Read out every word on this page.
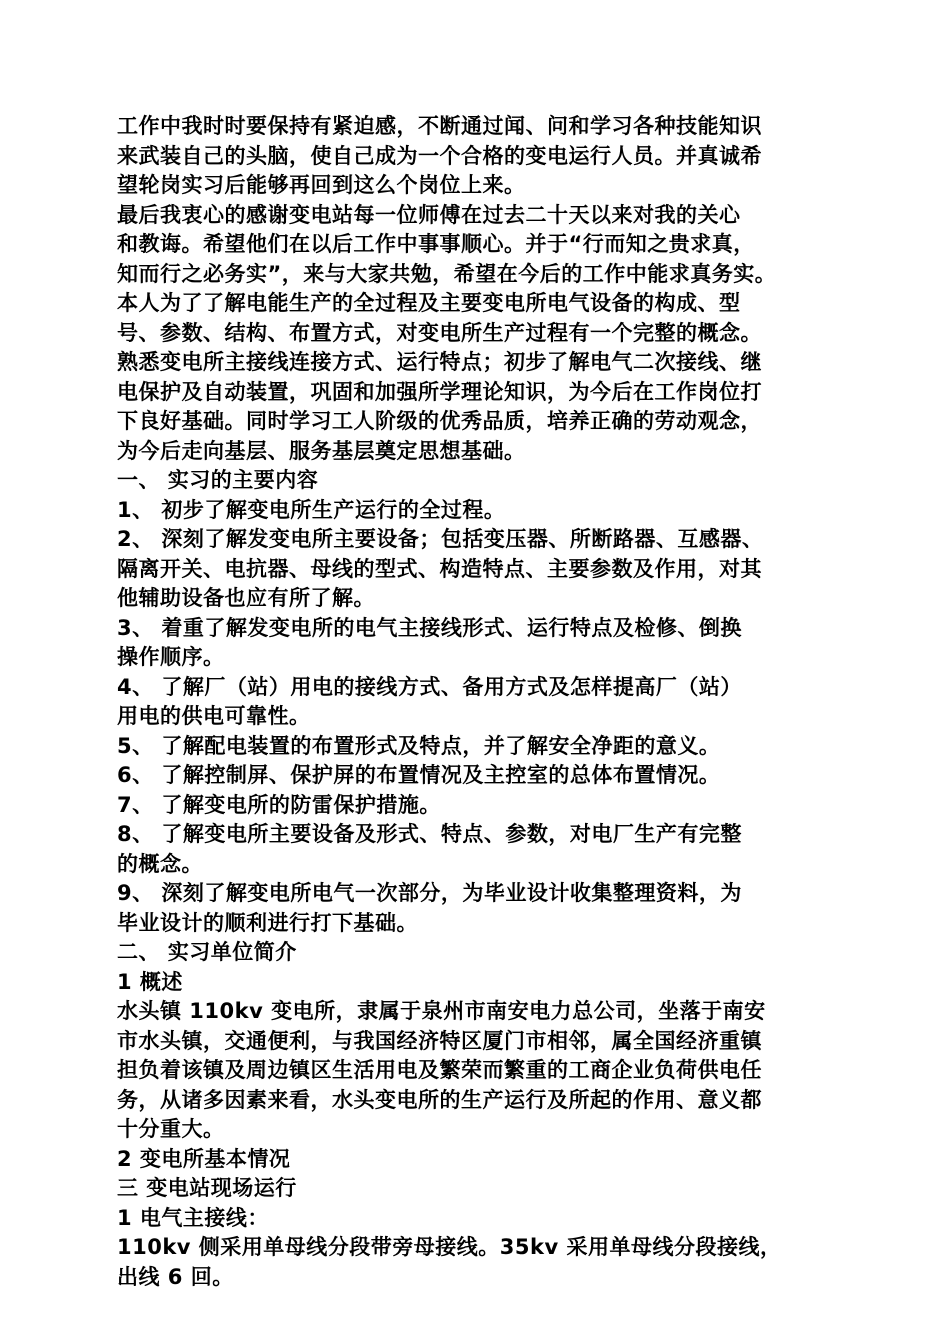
工作中我时时要保持有紧迫感，不断通过闻、问和学习各种技能知识
来武装自己的头脑，使自己成为一个合格的变电运行人员。并真诚希
望轮岗实习后能够再回到这么个岗位上来。
最后我衷心的感谢变电站每一位师傅在过去二十天以来对我的关心
和教诲。希望他们在以后工作中事事顺心。并于“行而知之贵求真，
知而行之必务实”，来与大家共勉，希望在今后的工作中能求真务实。
本人为了了解电能生产的全过程及主要变电所电气设备的构成、型
号、参数、结构、布置方式，对变电所生产过程有一个完整的概念。
熟悉变电所主接线连接方式、运行特点；初步了解电气二次接线、继
电保护及自动装置，巩固和加强所学理论知识，为今后在工作岗位打
下良好基础。同时学习工人阶级的优秀品质，培养正确的劳动观念，
为今后走向基层、服务基层奠定思想基础。
一、 实习的主要内容
1、 初步了解变电所生产运行的全过程。
2、 深刻了解发变电所主要设备；包括变压器、所断路器、互感器、
隔离开关、电抗器、母线的型式、构造特点、主要参数及作用，对其
他辅助设备也应有所了解。
3、 着重了解发变电所的电气主接线形式、运行特点及检修、倒换
操作顺序。
4、 了解厂（站）用电的接线方式、备用方式及怎样提高厂（站）
用电的供电可靠性。
5、 了解配电装置的布置形式及特点，并了解安全净距的意义。
6、 了解控制屏、保护屏的布置情况及主控室的总体布置情况。
7、 了解变电所的防雷保护措施。
8、 了解变电所主要设备及形式、特点、参数，对电厂生产有完整
的概念。
9、 深刻了解变电所电气一次部分，为毕业设计收集整理资料，为
毕业设计的顺利进行打下基础。
二、 实习单位简介
1 概述
水头镇 110kv 变电所，隶属于泉州市南安电力总公司，坐落于南安
市水头镇，交通便利，与我国经济特区厦门市相邻，属全国经济重镇
担负着该镇及周边镇区生活用电及繁荣而繁重的工商企业负荷供电任
务，从诸多因素来看，水头变电所的生产运行及所起的作用、意义都
十分重大。
2 变电所基本情况
三 变电站现场运行
1 电气主接线：
110kv 侧采用单母线分段带旁母接线。35kv 采用单母线分段接线，
出线 6 回。
